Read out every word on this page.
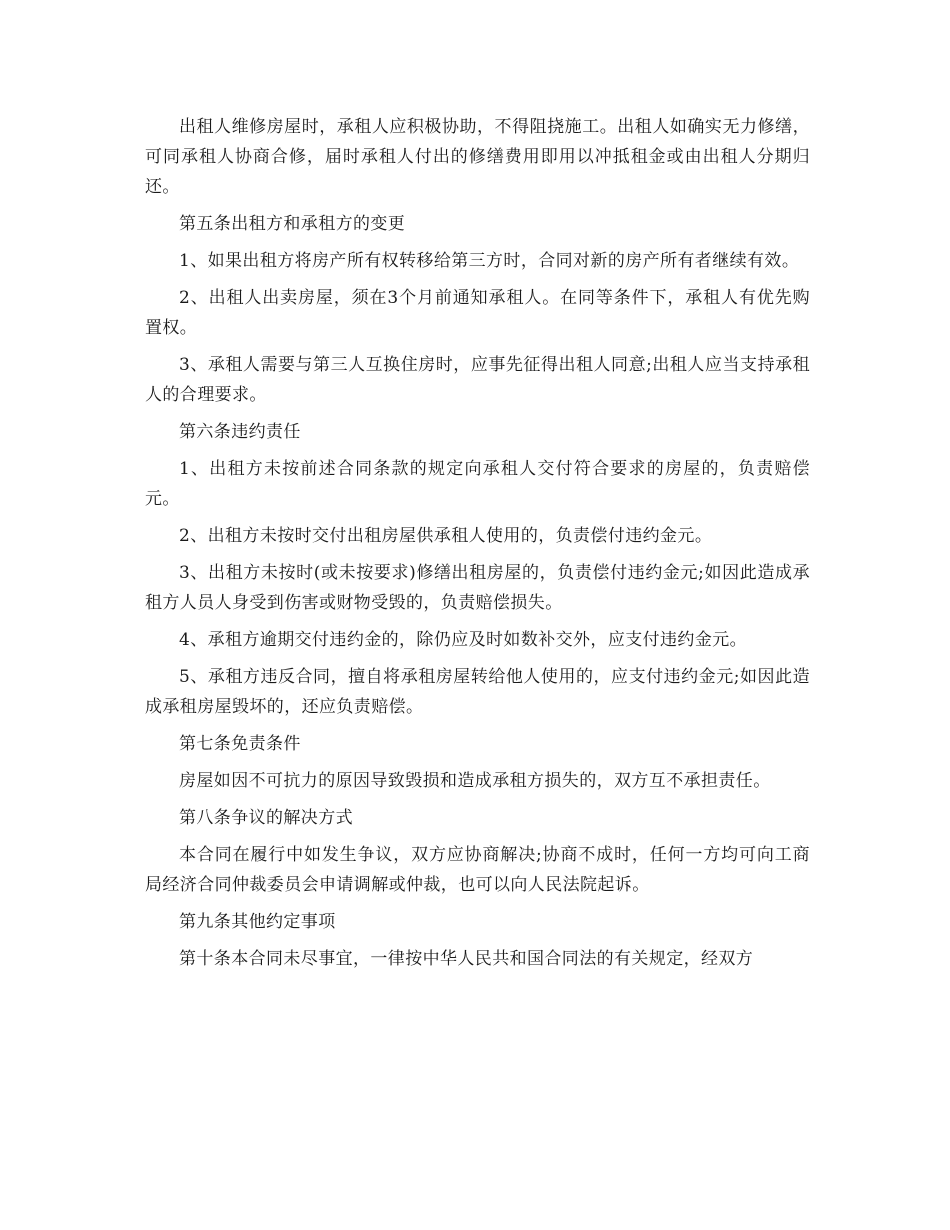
出租人维修房屋时，承租人应积极协助，不得阻挠施工。出租人如确实无力修缮，可同承租人协商合修，届时承租人付出的修缮费用即用以冲抵租金或由出租人分期归还。

第五条出租方和承租方的变更

1、如果出租方将房产所有权转移给第三方时，合同对新的房产所有者继续有效。

2、出租人出卖房屋，须在3个月前通知承租人。在同等条件下，承租人有优先购置权。

3、承租人需要与第三人互换住房时，应事先征得出租人同意;出租人应当支持承租人的合理要求。

第六条违约责任

1、出租方未按前述合同条款的规定向承租人交付符合要求的房屋的，负责赔偿元。

2、出租方未按时交付出租房屋供承租人使用的，负责偿付违约金元。

3、出租方未按时(或未按要求)修缮出租房屋的，负责偿付违约金元;如因此造成承租方人员人身受到伤害或财物受毁的，负责赔偿损失。

4、承租方逾期交付违约金的，除仍应及时如数补交外，应支付违约金元。

5、承租方违反合同，擅自将承租房屋转给他人使用的，应支付违约金元;如因此造成承租房屋毁坏的，还应负责赔偿。

第七条免责条件

房屋如因不可抗力的原因导致毁损和造成承租方损失的，双方互不承担责任。

第八条争议的解决方式

本合同在履行中如发生争议，双方应协商解决;协商不成时，任何一方均可向工商局经济合同仲裁委员会申请调解或仲裁，也可以向人民法院起诉。

第九条其他约定事项

第十条本合同未尽事宜，一律按中华人民共和国合同法的有关规定，经双方
